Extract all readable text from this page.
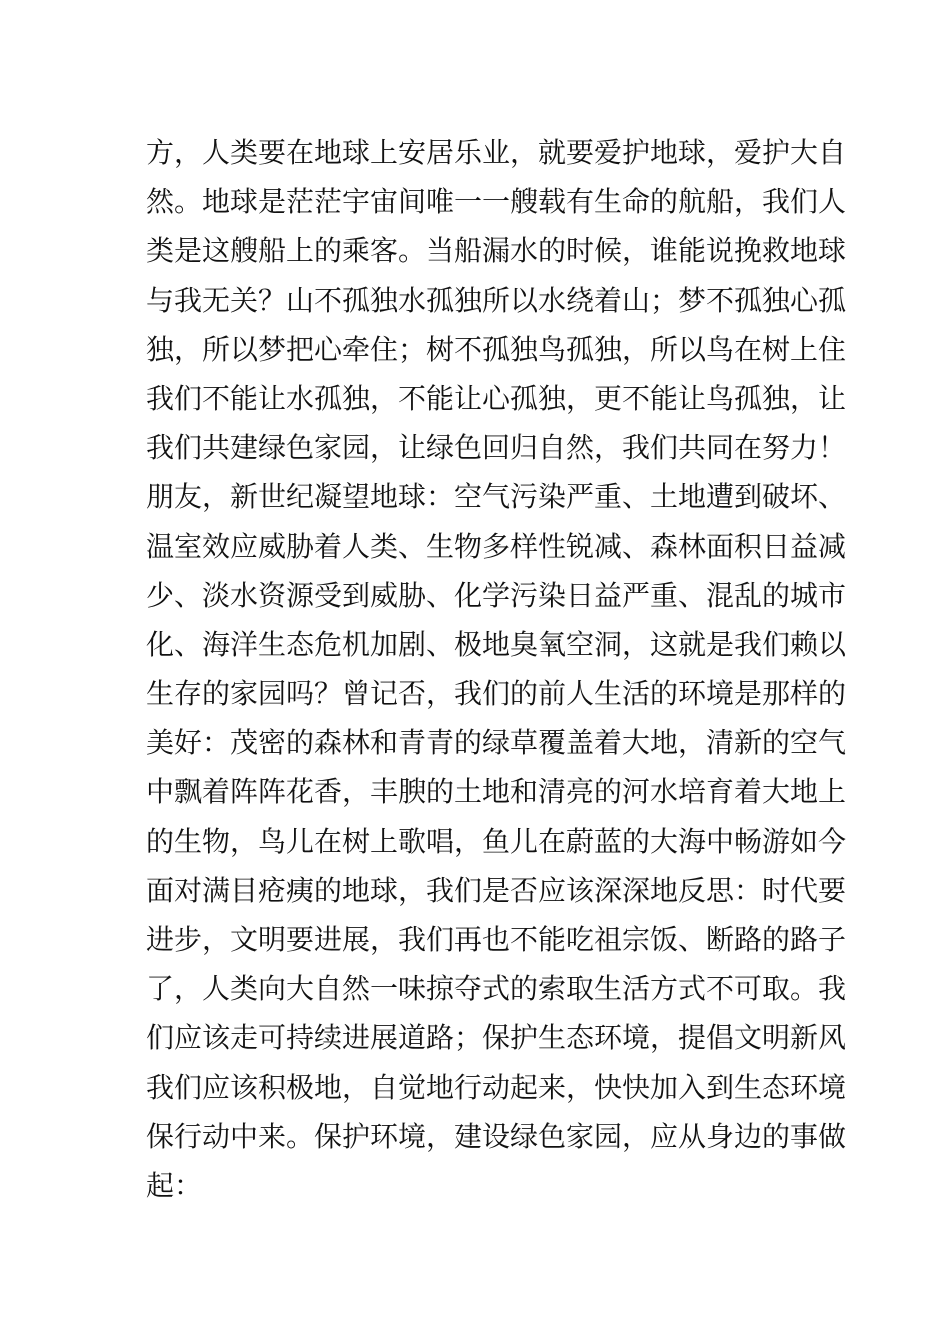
方，人类要在地球上安居乐业，就要爱护地球，爱护大自
然。地球是茫茫宇宙间唯一一艘载有生命的航船，我们人
类是这艘船上的乘客。当船漏水的时候，谁能说挽救地球
与我无关？山不孤独水孤独所以水绕着山；梦不孤独心孤
独，所以梦把心牵住；树不孤独鸟孤独，所以鸟在树上住
我们不能让水孤独，不能让心孤独，更不能让鸟孤独，让
我们共建绿色家园，让绿色回归自然，我们共同在努力！
朋友，新世纪凝望地球：空气污染严重、土地遭到破坏、
温室效应威胁着人类、生物多样性锐减、森林面积日益减
少、淡水资源受到威胁、化学污染日益严重、混乱的城市
化、海洋生态危机加剧、极地臭氧空洞，这就是我们赖以
生存的家园吗？曾记否，我们的前人生活的环境是那样的
美好：茂密的森林和青青的绿草覆盖着大地，清新的空气
中飘着阵阵花香，丰腴的土地和清亮的河水培育着大地上
的生物，鸟儿在树上歌唱，鱼儿在蔚蓝的大海中畅游如今
面对满目疮痍的地球，我们是否应该深深地反思：时代要
进步，文明要进展，我们再也不能吃祖宗饭、断路的路子
了，人类向大自然一味掠夺式的索取生活方式不可取。我
们应该走可持续进展道路；保护生态环境，提倡文明新风
我们应该积极地，自觉地行动起来，快快加入到生态环境
保行动中来。保护环境，建设绿色家园，应从身边的事做
起：
